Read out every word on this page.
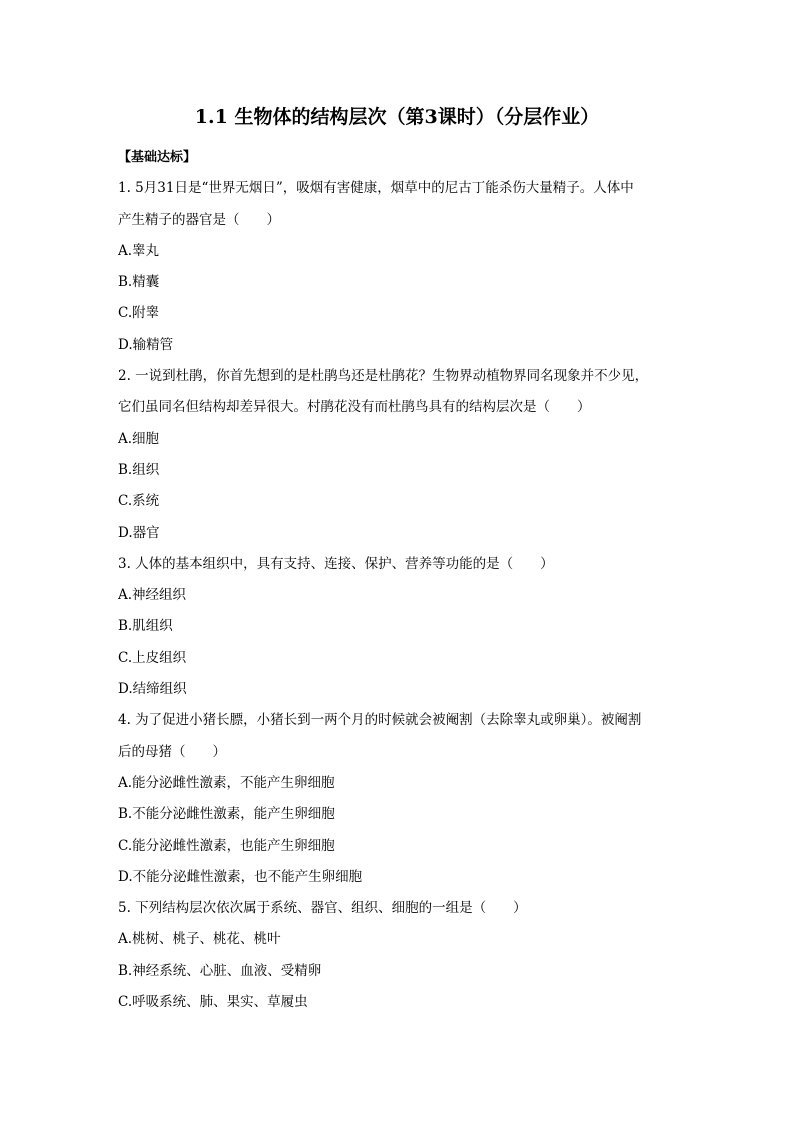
1.1 生物体的结构层次（第3课时）（分层作业）
【基础达标】
1. 5月31日是“世界无烟日”，吸烟有害健康，烟草中的尼古丁能杀伤大量精子。人体中
产生精子的器官是（　　）
A.睾丸
B.精囊
C.附睾
D.输精管
2. 一说到杜鹃，你首先想到的是杜鹃鸟还是杜鹃花？生物界动植物界同名现象并不少见，
它们虽同名但结构却差异很大。村鹃花没有而杜鹃鸟具有的结构层次是（　　）
A.细胞
B.组织
C.系统
D.器官
3. 人体的基本组织中，具有支持、连接、保护、营养等功能的是（　　）
A.神经组织
B.肌组织
C.上皮组织
D.结缔组织
4. 为了促进小猪长膘，小猪长到一两个月的时候就会被阉割（去除睾丸或卵巢）。被阉割
后的母猪（　　）
A.能分泌雌性激素，不能产生卵细胞
B.不能分泌雌性激素，能产生卵细胞
C.能分泌雌性激素，也能产生卵细胞
D.不能分泌雌性激素，也不能产生卵细胞
5. 下列结构层次依次属于系统、器官、组织、细胞的一组是（　　）
A.桃树、桃子、桃花、桃叶
B.神经系统、心脏、血液、受精卵
C.呼吸系统、肺、果实、草履虫
